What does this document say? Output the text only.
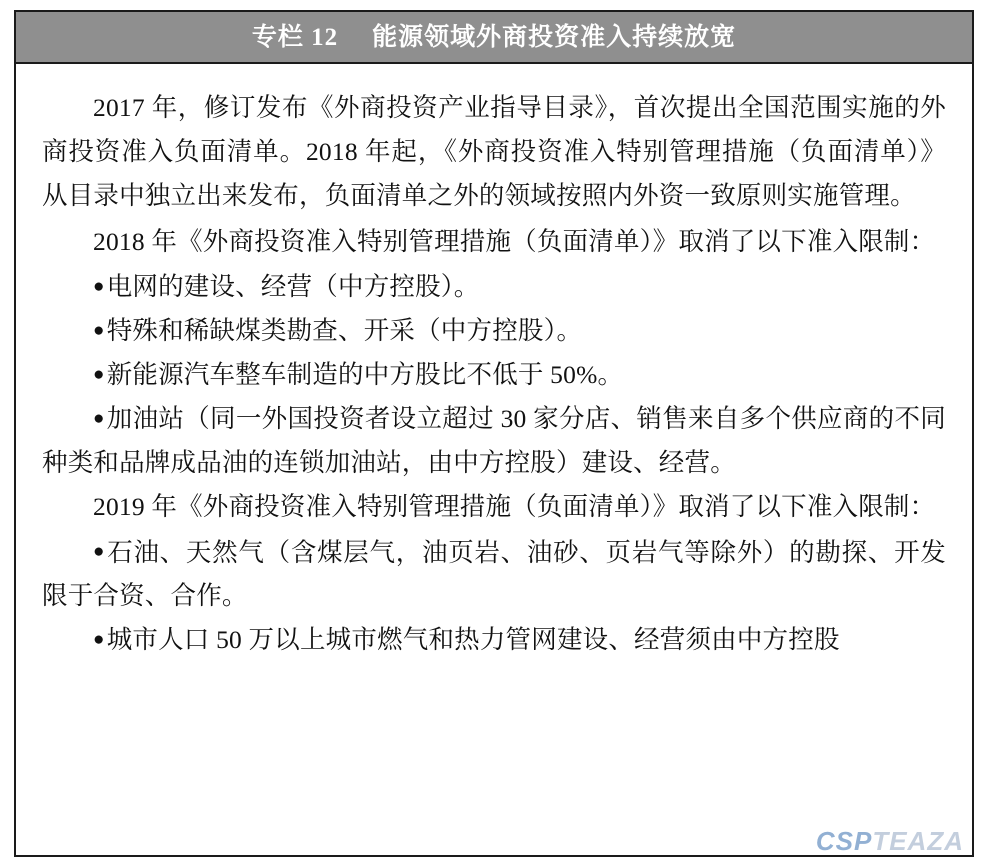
专栏 12 能源领域外商投资准入持续放宽

2017 年，修订发布《外商投资产业指导目录》，首次提出全国范围实施的外商投资准入负面清单。2018 年起，《外商投资准入特别管理措施（负面清单）》从目录中独立出来发布，负面清单之外的领域按照内外资一致原则实施管理。

2018 年《外商投资准入特别管理措施（负面清单）》取消了以下准入限制：

●电网的建设、经营（中方控股）。
●特殊和稀缺煤类勘查、开采（中方控股）。
●新能源汽车整车制造的中方股比不低于 50%。
●加油站（同一外国投资者设立超过 30 家分店、销售来自多个供应商的不同种类和品牌成品油的连锁加油站，由中方控股）建设、经营。

2019 年《外商投资准入特别管理措施（负面清单）》取消了以下准入限制：

●石油、天然气（含煤层气，油页岩、油砂、页岩气等除外）的勘探、开发限于合资、合作。
●城市人口 50 万以上城市燃气和热力管网建设、经营须由中方控股
CSPTEAZA
